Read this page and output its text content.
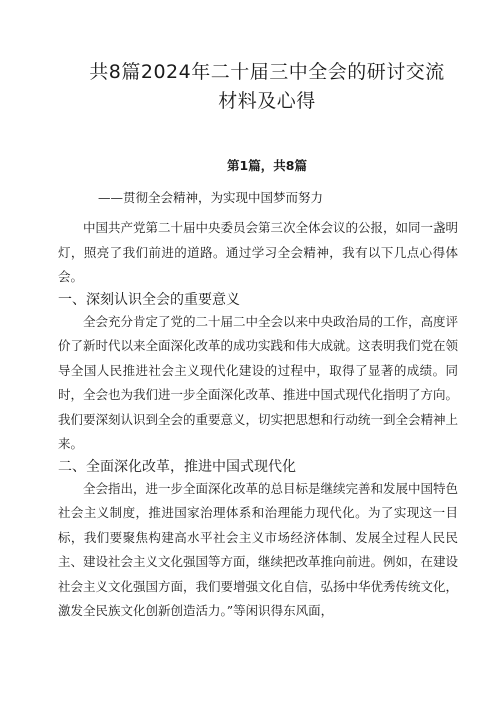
共8篇2024年二十届三中全会的研讨交流
材料及心得
第1篇，共8篇
——贯彻全会精神，为实现中国梦而努力

中国共产党第二十届中央委员会第三次全体会议的公报，如同一盏明灯，照亮了我们前进的道路。通过学习全会精神，我有以下几点心得体会。

一、深刻认识全会的重要意义

全会充分肯定了党的二十届二中全会以来中央政治局的工作，高度评价了新时代以来全面深化改革的成功实践和伟大成就。这表明我们党在领导全国人民推进社会主义现代化建设的过程中，取得了显著的成绩。同时，全会也为我们进一步全面深化改革、推进中国式现代化指明了方向。我们要深刻认识到全会的重要意义，切实把思想和行动统一到全会精神上来。

二、全面深化改革，推进中国式现代化

全会指出，进一步全面深化改革的总目标是继续完善和发展中国特色社会主义制度，推进国家治理体系和治理能力现代化。为了实现这一目标，我们要聚焦构建高水平社会主义市场经济体制、发展全过程人民民主、建设社会主义文化强国等方面，继续把改革推向前进。例如，在建设社会主义文化强国方面，我们要增强文化自信，弘扬中华优秀传统文化，激发全民族文化创新创造活力。”等闲识得东风面，
